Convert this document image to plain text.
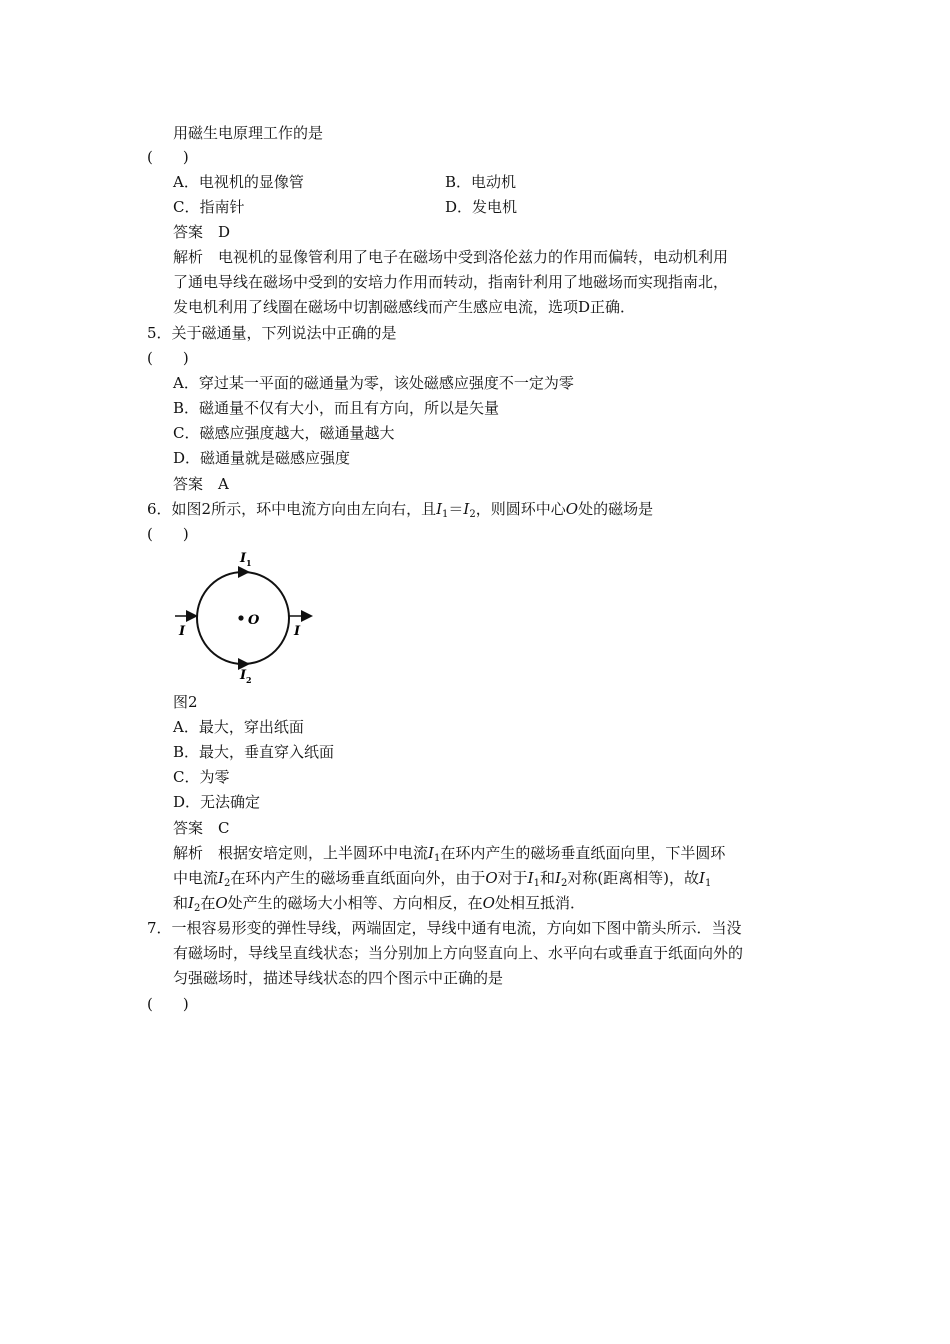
用磁生电原理工作的是
(　　)
A．电视机的显像管	B．电动机
C．指南针	D．发电机
答案　D
解析　电视机的显像管利用了电子在磁场中受到洛伦兹力的作用而偏转，电动机利用
了通电导线在磁场中受到的安培力作用而转动，指南针利用了地磁场而实现指南北，
发电机利用了线圈在磁场中切割磁感线而产生感应电流，选项D正确．
5．关于磁通量，下列说法中正确的是
(　　)
A．穿过某一平面的磁通量为零，该处磁感应强度不一定为零
B．磁通量不仅有大小，而且有方向，所以是矢量
C．磁感应强度越大，磁通量越大
D．磁通量就是磁感应强度
答案　A
6．如图2所示，环中电流方向由左向右，且$I_1=I_2$，则圆环中心O处的磁场是
(　　)
O
I 1
I 2
I	I
图2
A．最大，穿出纸面
B．最大，垂直穿入纸面
C．为零
D．无法确定
答案　C
解析　根据安培定则，上半圆环中电流$I_1$在环内产生的磁场垂直纸面向里，下半圆环
中电流$I_2$在环内产生的磁场垂直纸面向外，由于O对于$I_1$和$I_2$对称(距离相等)，故$I_1$
和$I_2$在O处产生的磁场大小相等、方向相反，在O处相互抵消．
7．一根容易形变的弹性导线，两端固定，导线中通有电流，方向如下图中箭头所示．当没
有磁场时，导线呈直线状态；当分别加上方向竖直向上、水平向右或垂直于纸面向外的
匀强磁场时，描述导线状态的四个图示中正确的是
(　　)
